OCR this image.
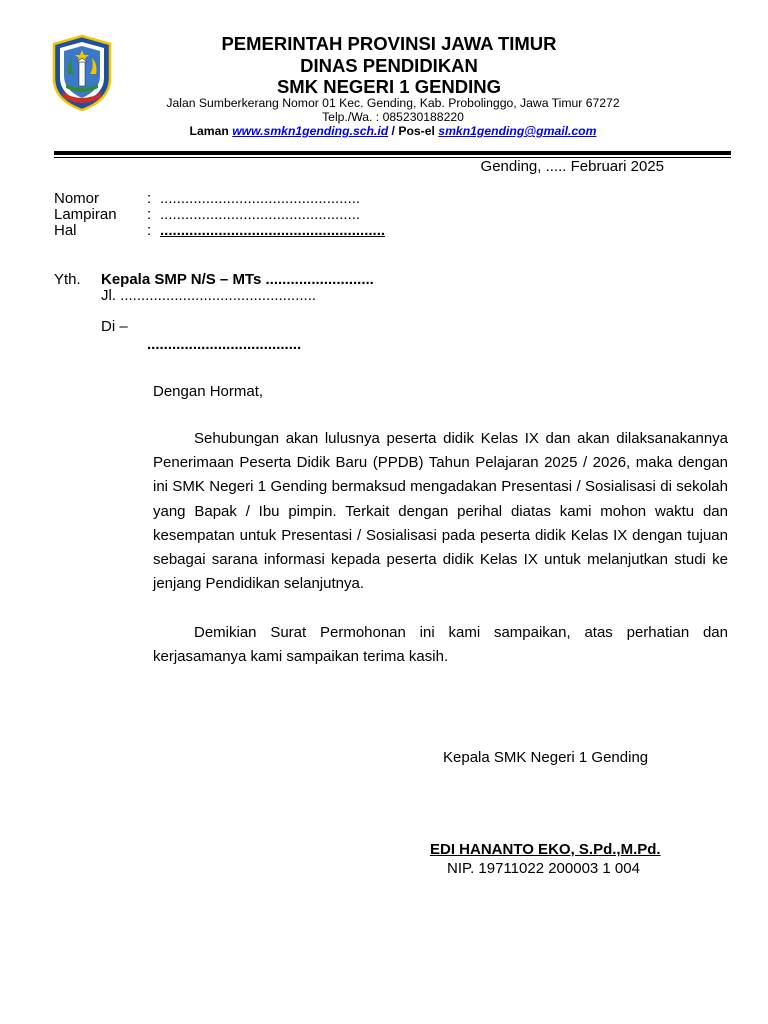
PEMERINTAH PROVINSI JAWA TIMUR
DINAS PENDIDIKAN
SMK NEGERI 1 GENDING
Jalan Sumberkerang Nomor 01 Kec. Gending, Kab. Probolinggo, Jawa Timur 67272
Telp./Wa. : 085230188220
Laman www.smkn1gending.sch.id / Pos-el smkn1gending@gmail.com
Gending, ..... Februari 2025
Nomor	: ................................................
Lampiran : ................................................
Hal	: ......................................................
Yth. Kepala SMP N/S – MTs ..........................
Jl. ...............................................
Di –
.....................................
Dengan Hormat,

Sehubungan akan lulusnya peserta didik Kelas IX dan akan dilaksanakannya Penerimaan Peserta Didik Baru (PPDB) Tahun Pelajaran 2025 / 2026, maka dengan ini SMK Negeri 1 Gending bermaksud mengadakan Presentasi / Sosialisasi di sekolah yang Bapak / Ibu pimpin. Terkait dengan perihal diatas kami mohon waktu dan kesempatan untuk Presentasi / Sosialisasi pada peserta didik Kelas IX dengan tujuan sebagai sarana informasi kepada peserta didik Kelas IX untuk melanjutkan studi ke jenjang Pendidikan selanjutnya.

Demikian Surat Permohonan ini kami sampaikan, atas perhatian dan kerjasamanya kami sampaikan terima kasih.

Kepala SMK Negeri 1 Gending
EDI HANANTO EKO, S.Pd.,M.Pd.
NIP. 19711022 200003 1 004
